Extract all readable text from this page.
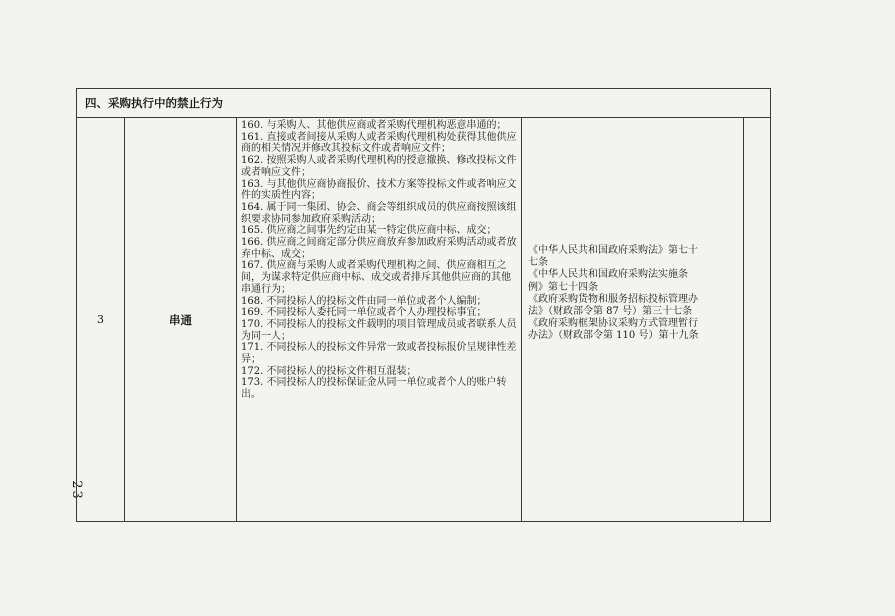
— 23 —
四、采购执行中的禁止行为
3	串通
160. 与采购人、其他供应商或者采购代理机构恶意串通的；
161. 直接或者间接从采购人或者采购代理机构处获得其他供应商的相关情况并修改其投标文件或者响应文件；
162. 按照采购人或者采购代理机构的授意撤换、修改投标文件或者响应文件；
163. 与其他供应商协商报价、技术方案等投标文件或者响应文件的实质性内容；
164. 属于同一集团、协会、商会等组织成员的供应商按照该组织要求协同参加政府采购活动；
165. 供应商之间事先约定由某一特定供应商中标、成交；
166. 供应商之间商定部分供应商放弃参加政府采购活动或者放弃中标、成交；
167. 供应商与采购人或者采购代理机构之间、供应商相互之间，为谋求特定供应商中标、成交或者排斥其他供应商的其他串通行为；
168. 不同投标人的投标文件由同一单位或者个人编制；
169. 不同投标人委托同一单位或者个人办理投标事宜；
170. 不同投标人的投标文件载明的项目管理成员或者联系人员为同一人；
171. 不同投标人的投标文件异常一致或者投标报价呈规律性差异；
172. 不同投标人的投标文件相互混装；
173. 不同投标人的投标保证金从同一单位或者个人的账户转出。
《中华人民共和国政府采购法》第七十
七条
《中华人民共和国政府采购法实施条
例》第七十四条
《政府采购货物和服务招标投标管理办
法》（财政部令第 87 号）第三十七条
《政府采购框架协议采购方式管理暂行
办法》（财政部令第 110 号）第十九条
